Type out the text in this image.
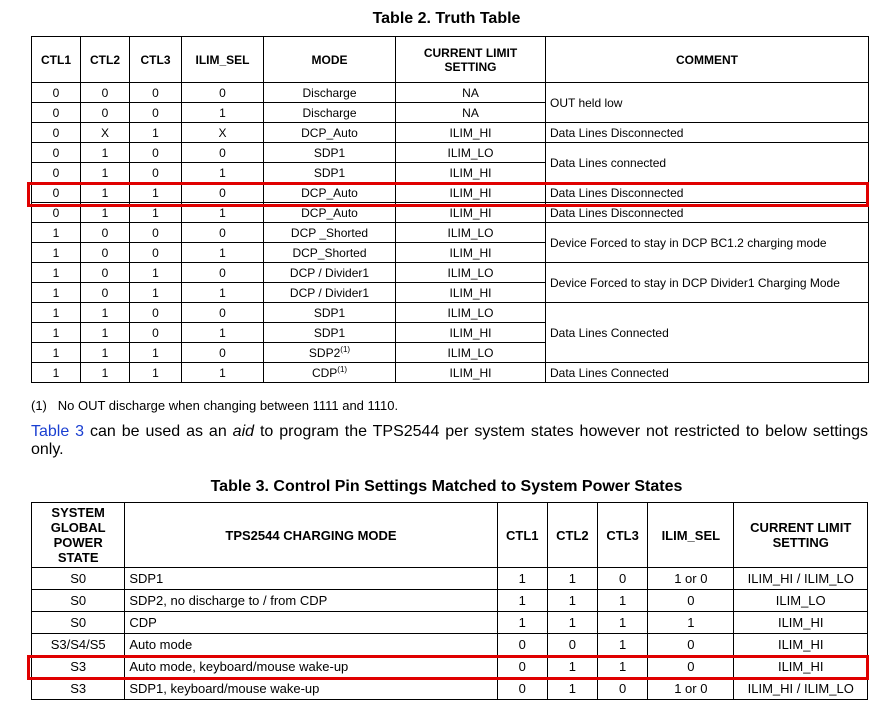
Table 2. Truth Table
CTL1	CTL2	CTL3	ILIM_SEL	MODE	CURRENT LIMIT SETTING	COMMENT
0	0	0	0	Discharge	NA	OUT held low
0	0	0	1	Discharge	NA	
0	X	1	X	DCP_Auto	ILIM_HI	Data Lines Disconnected
0	1	0	0	SDP1	ILIM_LO	Data Lines connected
0	1	0	1	SDP1	ILIM_HI	
0	1	1	0	DCP_Auto	ILIM_HI	Data Lines Disconnected
0	1	1	1	DCP_Auto	ILIM_HI	Data Lines Disconnected
1	0	0	0	DCP _Shorted	ILIM_LO	Device Forced to stay in DCP BC1.2 charging mode
1	0	0	1	DCP_Shorted	ILIM_HI	
1	0	1	0	DCP / Divider1	ILIM_LO	Device Forced to stay in DCP Divider1 Charging Mode
1	0	1	1	DCP / Divider1	ILIM_HI	
1	1	0	0	SDP1	ILIM_LO	Data Lines Connected
1	1	0	1	SDP1	ILIM_HI	
1	1	1	0	SDP2$^{(1)}$	ILIM_LO	
1	1	1	1	CDP$^{(1)}$	ILIM_HI	Data Lines Connected
(1)   No OUT discharge when changing between 1111 and 1110.
Table 3 can be used as an aid to program the TPS2544 per system states however not restricted to below settings only.
Table 3. Control Pin Settings Matched to System Power States
SYSTEM GLOBAL POWER STATE	TPS2544 CHARGING MODE	CTL1	CTL2	CTL3	ILIM_SEL	CURRENT LIMIT SETTING
S0	SDP1	1	1	0	1 or 0	ILIM_HI / ILIM_LO
S0	SDP2, no discharge to / from CDP	1	1	1	0	ILIM_LO
S0	CDP	1	1	1	1	ILIM_HI
S3/S4/S5	Auto mode	0	0	1	0	ILIM_HI
S3	Auto mode, keyboard/mouse wake-up	0	1	1	0	ILIM_HI
S3	SDP1, keyboard/mouse wake-up	0	1	0	1 or 0	ILIM_HI / ILIM_LO
